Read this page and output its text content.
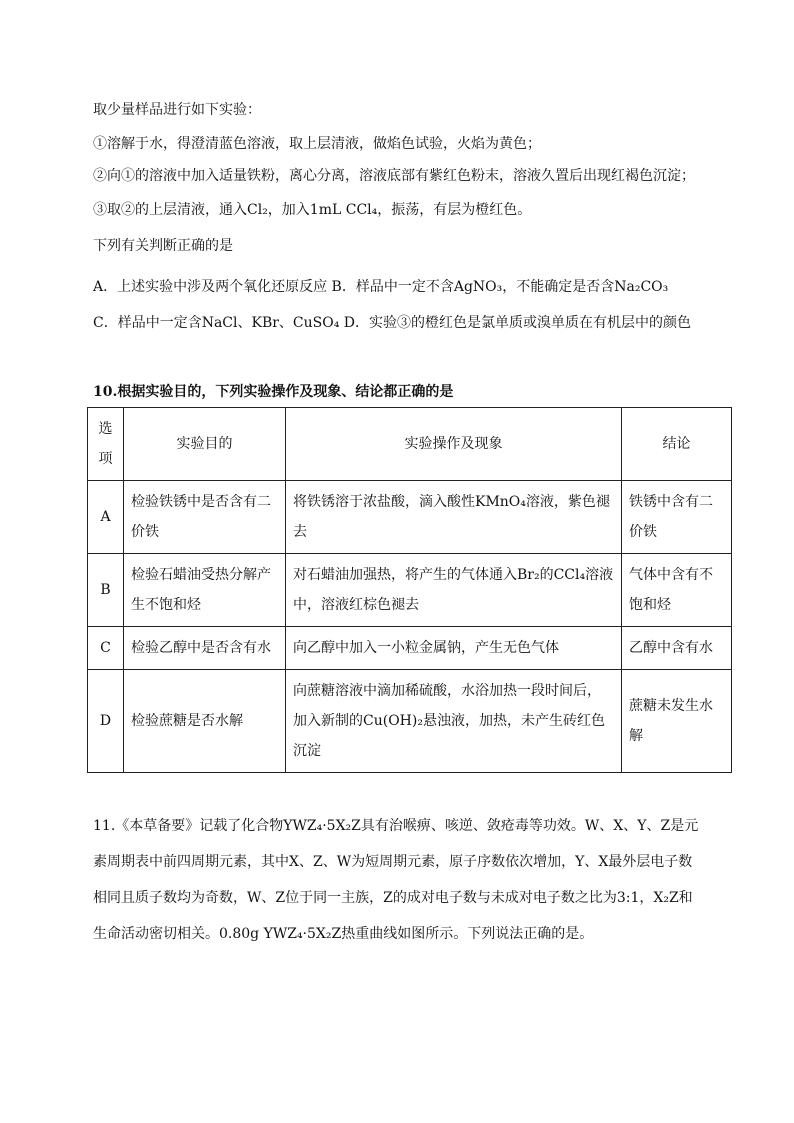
取少量样品进行如下实验：
①溶解于水，得澄清蓝色溶液，取上层清液，做焰色试验，火焰为黄色；
②向①的溶液中加入适量铁粉，离心分离，溶液底部有紫红色粉末，溶液久置后出现红褐色沉淀；
③取②的上层清液，通入Cl₂，加入1mL CCl₄，振荡，有层为橙红色。
下列有关判断正确的是
A．上述实验中涉及两个氧化还原反应 B．样品中一定不含AgNO₃，不能确定是否含Na₂CO₃
C．样品中一定含NaCl、KBr、CuSO₄ D．实验③的橙红色是氯单质或溴单质在有机层中的颜色
10.根据实验目的，下列实验操作及现象、结论都正确的是
选项	实验目的	实验操作及现象	结论
A	检验铁锈中是否含有二价铁	将铁锈溶于浓盐酸，滴入酸性KMnO₄溶液，紫色褪去	铁锈中含有二价铁
B	检验石蜡油受热分解产生不饱和烃	对石蜡油加强热，将产生的气体通入Br₂的CCl₄溶液中，溶液红棕色褪去	气体中含有不饱和烃
C	检验乙醇中是否含有水	向乙醇中加入一小粒金属钠，产生无色气体	乙醇中含有水
D	检验蔗糖是否水解	向蔗糖溶液中滴加稀硫酸，水浴加热一段时间后，加入新制的Cu(OH)₂悬浊液，加热，未产生砖红色沉淀	蔗糖未发生水解

11.《本草备要》记载了化合物YWZ₄·5X₂Z具有治喉痹、咳逆、敛疮毒等功效。W、X、Y、Z是元素周期表中前四周期元素，其中X、Z、W为短周期元素，原子序数依次增加，Y、X最外层电子数相同且质子数均为奇数，W、Z位于同一主族，Z的成对电子数与未成对电子数之比为3:1，X₂Z和生命活动密切相关。0.80g YWZ₄·5X₂Z热重曲线如图所示。下列说法正确的是。
